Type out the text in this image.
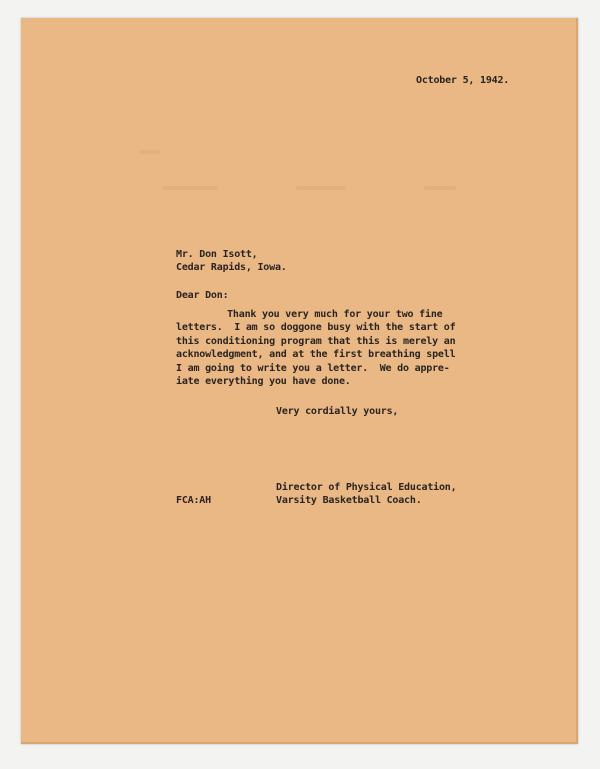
October 5, 1942.
Mr. Don Isott,
Cedar Rapids, Iowa.
Dear Don:
Thank you very much for your two fine
letters.  I am so doggone busy with the start of
this conditioning program that this is merely an
acknowledgment, and at the first breathing spell
I am going to write you a letter.  We do appre-
iate everything you have done.
Very cordially yours,
Director of Physical Education,
Varsity Basketball Coach.
FCA:AH
